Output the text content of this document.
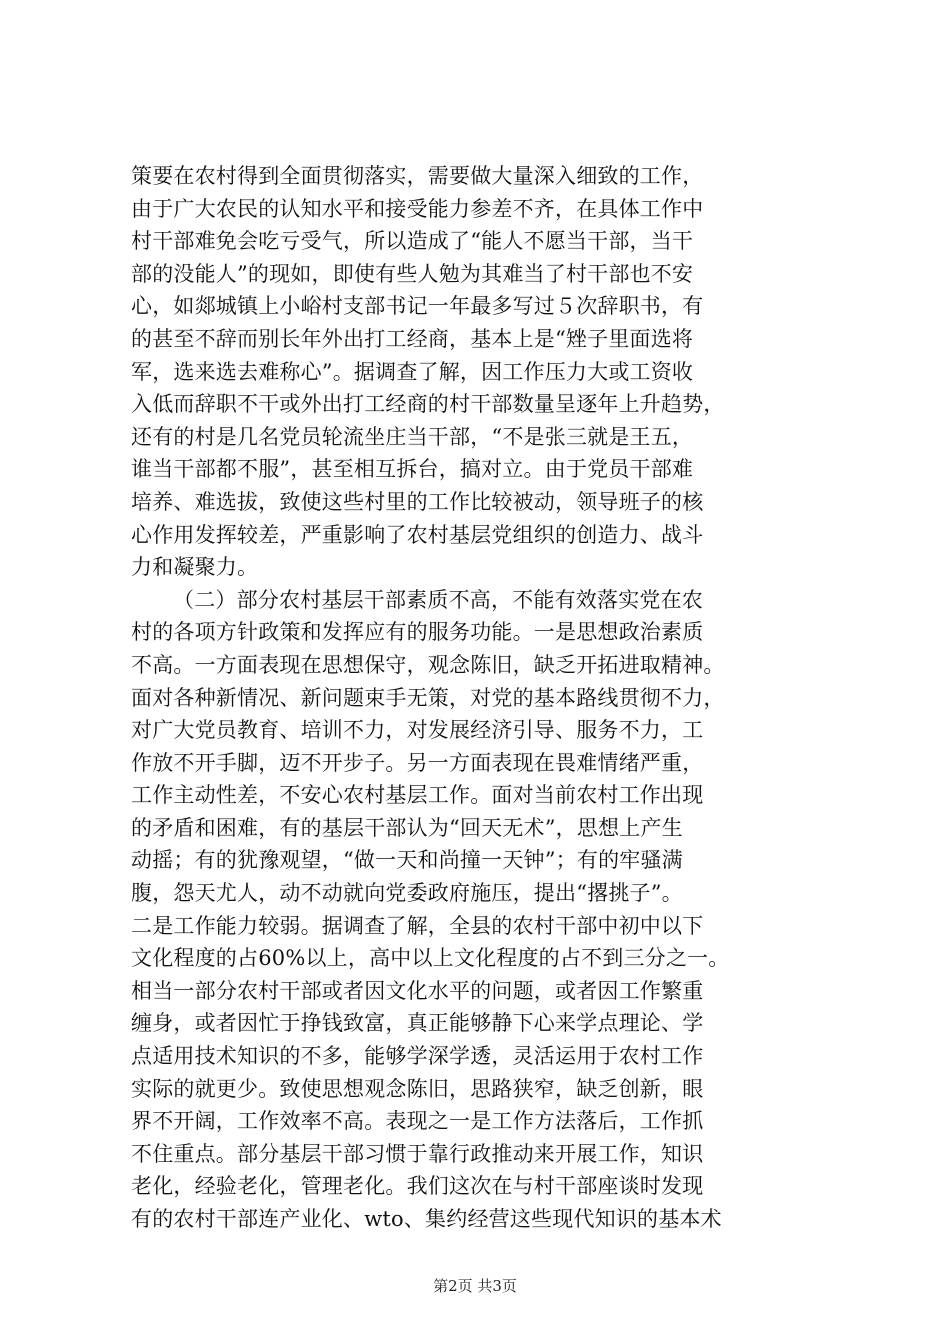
策要在农村得到全面贯彻落实，需要做大量深入细致的工作，
由于广大农民的认知水平和接受能力参差不齐，在具体工作中
村干部难免会吃亏受气，所以造成了“能人不愿当干部，当干
部的没能人”的现如，即使有些人勉为其难当了村干部也不安
心，如郯城镇上小峪村支部书记一年最多写过５次辞职书，有
的甚至不辞而别长年外出打工经商，基本上是“矬子里面选将
军，选来选去难称心”。据调查了解，因工作压力大或工资收
入低而辞职不干或外出打工经商的村干部数量呈逐年上升趋势，
还有的村是几名党员轮流坐庄当干部，“不是张三就是王五，
谁当干部都不服”，甚至相互拆台，搞对立。由于党员干部难
培养、难选拔，致使这些村里的工作比较被动，领导班子的核
心作用发挥较差，严重影响了农村基层党组织的创造力、战斗
力和凝聚力。
（二）部分农村基层干部素质不高，不能有效落实党在农
村的各项方针政策和发挥应有的服务功能。一是思想政治素质
不高。一方面表现在思想保守，观念陈旧，缺乏开拓进取精神。
面对各种新情况、新问题束手无策，对党的基本路线贯彻不力，
对广大党员教育、培训不力，对发展经济引导、服务不力，工
作放不开手脚，迈不开步子。另一方面表现在畏难情绪严重，
工作主动性差，不安心农村基层工作。面对当前农村工作出现
的矛盾和困难，有的基层干部认为“回天无术”，思想上产生
动摇；有的犹豫观望，“做一天和尚撞一天钟”；有的牢骚满
腹，怨天尤人，动不动就向党委政府施压，提出“撂挑子”。
二是工作能力较弱。据调查了解，全县的农村干部中初中以下
文化程度的占60%以上，高中以上文化程度的占不到三分之一。
相当一部分农村干部或者因文化水平的问题，或者因工作繁重
缠身，或者因忙于挣钱致富，真正能够静下心来学点理论、学
点适用技术知识的不多，能够学深学透，灵活运用于农村工作
实际的就更少。致使思想观念陈旧，思路狭窄，缺乏创新，眼
界不开阔，工作效率不高。表现之一是工作方法落后，工作抓
不住重点。部分基层干部习惯于靠行政推动来开展工作，知识
老化，经验老化，管理老化。我们这次在与村干部座谈时发现
有的农村干部连产业化、wto、集约经营这些现代知识的基本术
第2页 共3页
